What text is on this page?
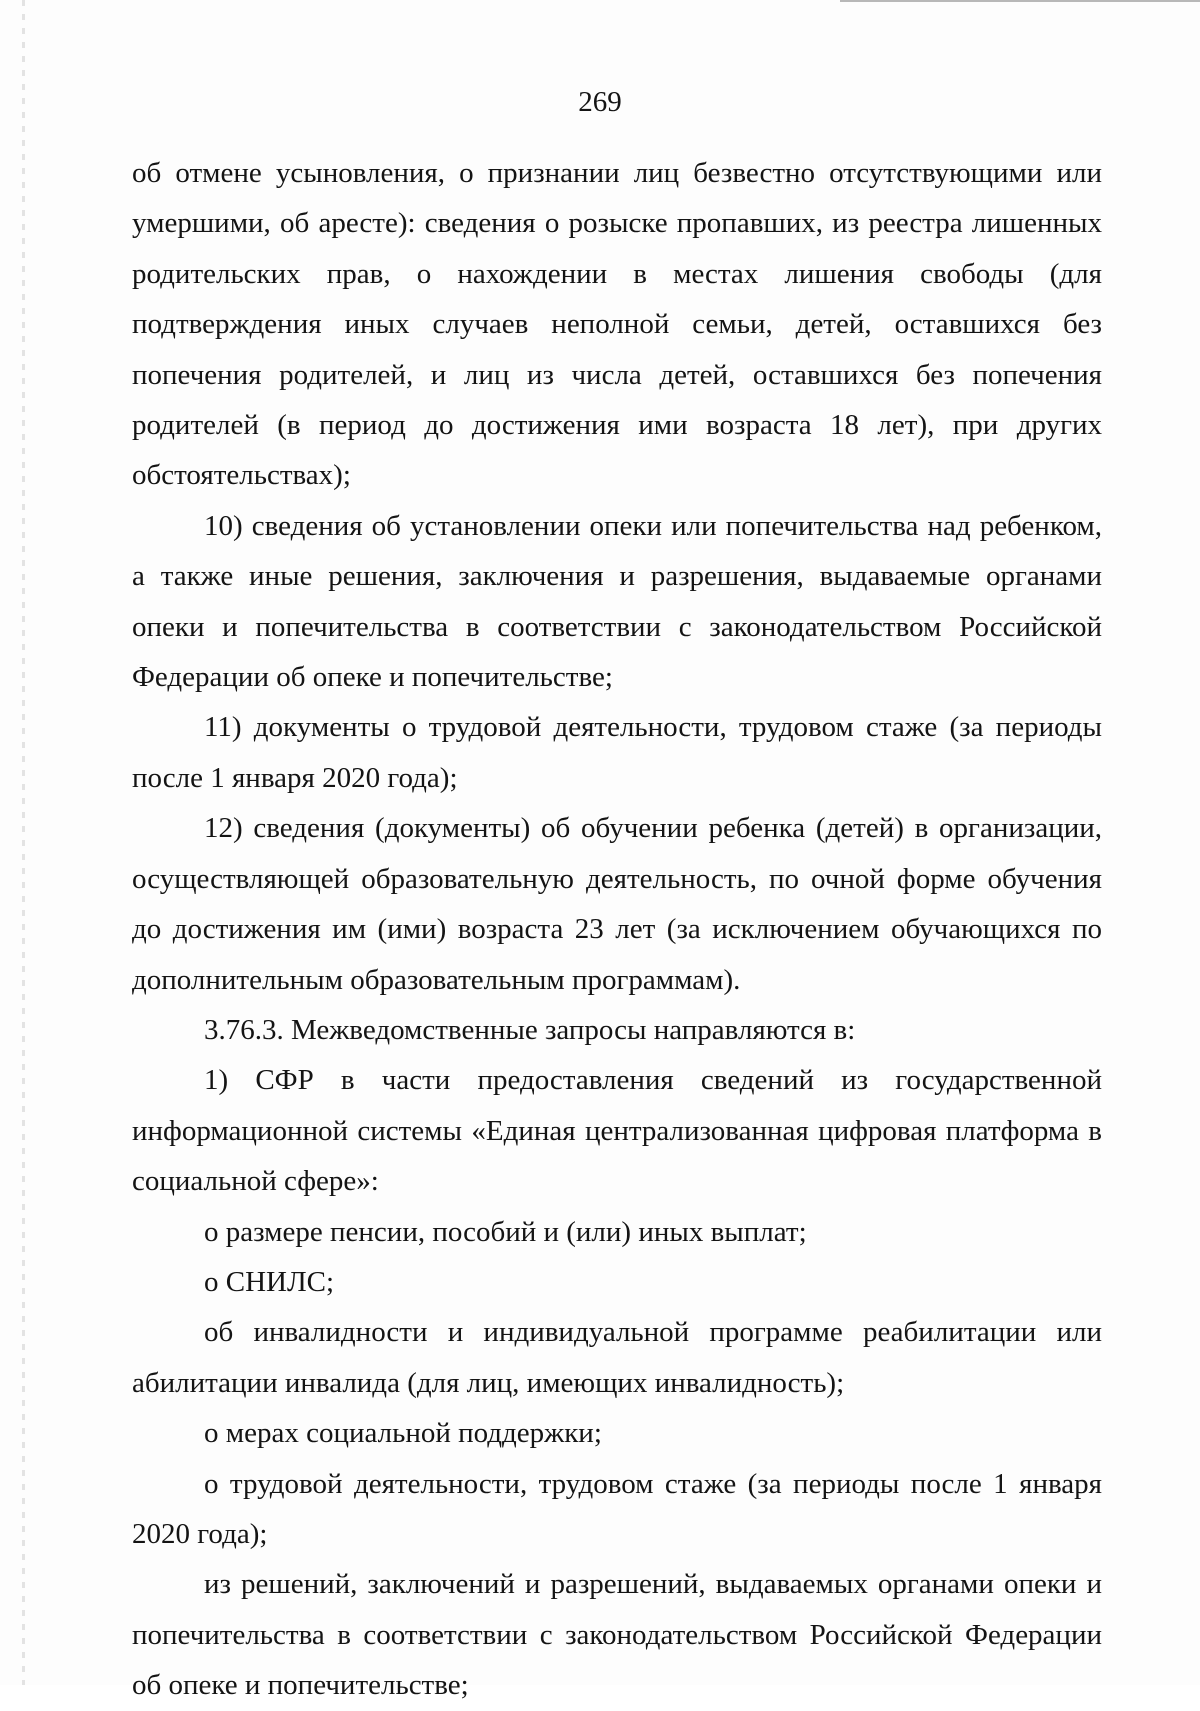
269

об отмене усыновления, о признании лиц безвестно отсутствующими или умершими, об аресте): сведения о розыске пропавших, из реестра лишенных родительских прав, о нахождении в местах лишения свободы (для подтверждения иных случаев неполной семьи, детей, оставшихся без попечения родителей, и лиц из числа детей, оставшихся без попечения родителей (в период до достижения ими возраста 18 лет), при других обстоятельствах);

10) сведения об установлении опеки или попечительства над ребенком, а также иные решения, заключения и разрешения, выдаваемые органами опеки и попечительства в соответствии с законодательством Российской Федерации об опеке и попечительстве;

11) документы о трудовой деятельности, трудовом стаже (за периоды после 1 января 2020 года);

12) сведения (документы) об обучении ребенка (детей) в организации, осуществляющей образовательную деятельность, по очной форме обучения до достижения им (ими) возраста 23 лет (за исключением обучающихся по дополнительным образовательным программам).

3.76.3. Межведомственные запросы направляются в:

1) СФР в части предоставления сведений из государственной информационной системы «Единая централизованная цифровая платформа в социальной сфере»:

о размере пенсии, пособий и (или) иных выплат;

о СНИЛС;

об инвалидности и индивидуальной программе реабилитации или абилитации инвалида (для лиц, имеющих инвалидность);

о мерах социальной поддержки;

о трудовой деятельности, трудовом стаже (за периоды после 1 января 2020 года);

из решений, заключений и разрешений, выдаваемых органами опеки и попечительства в соответствии с законодательством Российской Федерации об опеке и попечительстве;
